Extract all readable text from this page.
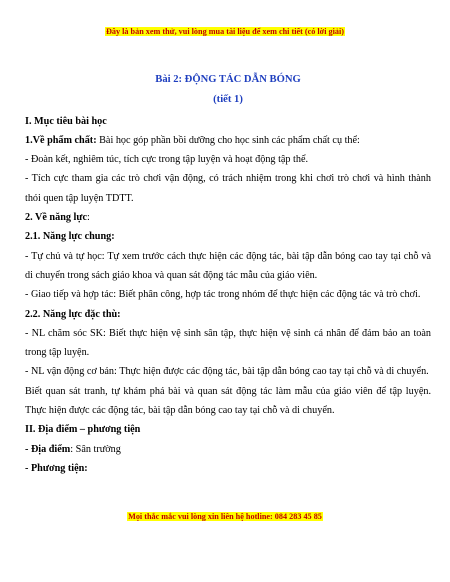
Đây là bản xem thử, vui lòng mua tài liệu để xem chi tiết (có lời giải)

Bài 2: ĐỘNG TÁC DẪN BÓNG

(tiết 1)

I. Mục tiêu bài học

1.Về phẩm chất: Bài học góp phần bồi dưỡng cho học sinh các phẩm chất cụ thể:

- Đoàn kết, nghiêm túc, tích cực trong tập luyện và hoạt động tập thể.

- Tích cực tham gia các trò chơi vận động, có trách nhiệm trong khi chơi trò chơi và hình thành thói quen tập luyện TDTT.

2. Về năng lực:

2.1. Năng lực chung:

- Tự chủ và tự học: Tự xem trước cách thực hiện các động tác, bài tập dẫn bóng cao tay tại chỗ và di chuyển trong sách giáo khoa và quan sát động tác mẫu của giáo viên.

- Giao tiếp và hợp tác: Biết phân công, hợp tác trong nhóm để thực hiện các động tác và trò chơi.

2.2. Năng lực đặc thù:

- NL chăm sóc SK: Biết thực hiện vệ sinh sân tập, thực hiện vệ sinh cá nhân để đảm bảo an toàn trong tập luyện.

- NL vận động cơ bản: Thực hiện được các động tác, bài tập dẫn bóng cao tay tại chỗ và di chuyển.

Biết quan sát tranh, tự khám phá bài và quan sát động tác làm mẫu của giáo viên để tập luyện. Thực hiện được các động tác, bài tập dẫn bóng cao tay tại chỗ và di chuyển.

II. Địa điểm – phương tiện

- Địa điểm: Sân trường

- Phương tiện:

Mọi thắc mắc vui lòng xin liên hệ hotline: 084 283 45 85
